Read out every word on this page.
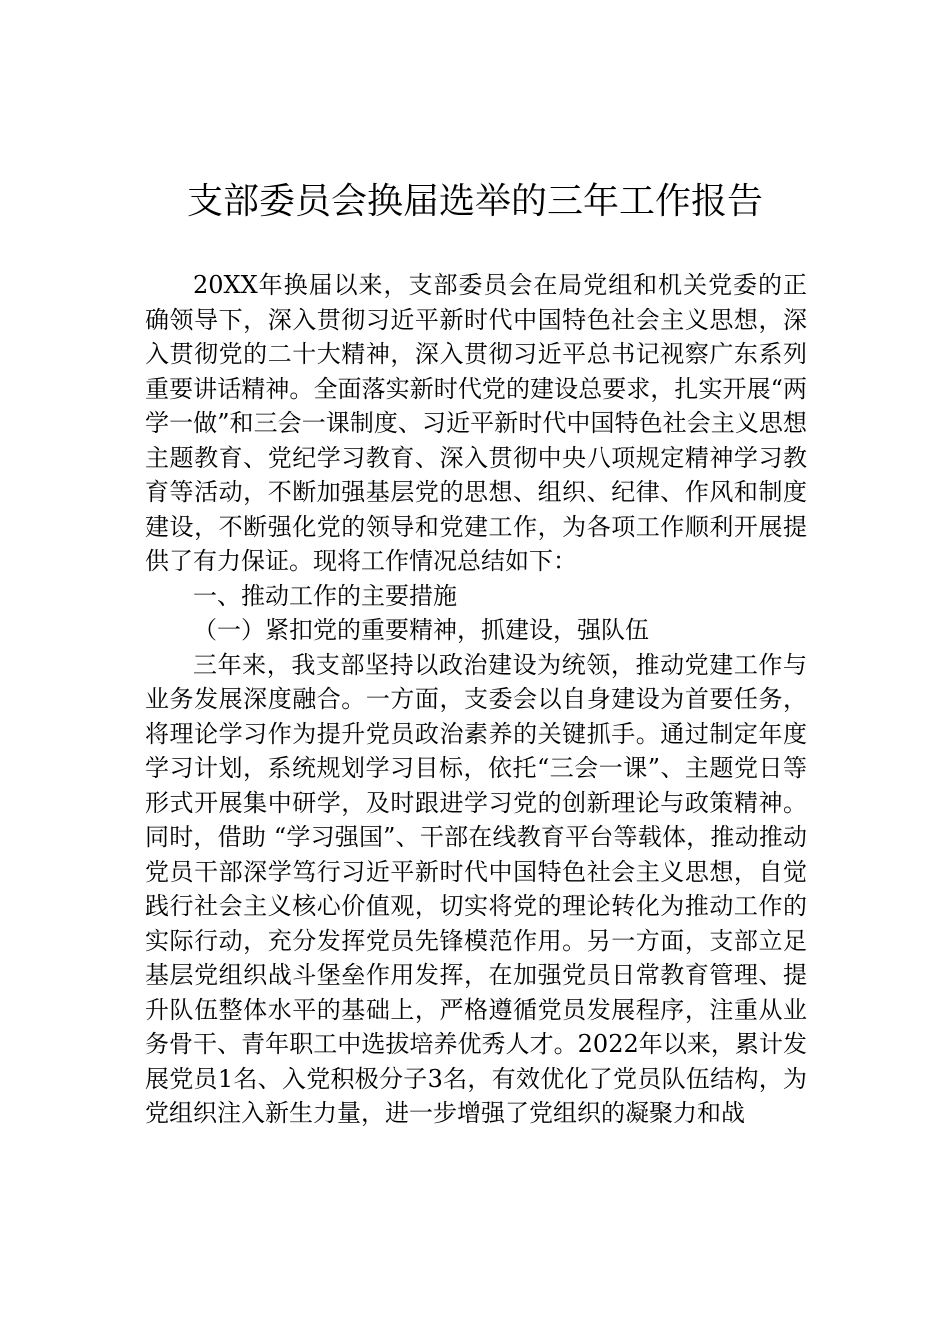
支部委员会换届选举的三年工作报告

20XX年换届以来，支部委员会在局党组和机关党委的正确领导下，深入贯彻习近平新时代中国特色社会主义思想，深入贯彻党的二十大精神，深入贯彻习近平总书记视察广东系列重要讲话精神。全面落实新时代党的建设总要求，扎实开展“两学一做”和三会一课制度、习近平新时代中国特色社会主义思想主题教育、党纪学习教育、深入贯彻中央八项规定精神学习教育等活动，不断加强基层党的思想、组织、纪律、作风和制度建设，不断强化党的领导和党建工作，为各项工作顺利开展提供了有力保证。现将工作情况总结如下：

一、推动工作的主要措施

（一）紧扣党的重要精神，抓建设，强队伍

三年来，我支部坚持以政治建设为统领，推动党建工作与业务发展深度融合。一方面，支委会以自身建设为首要任务，将理论学习作为提升党员政治素养的关键抓手。通过制定年度学习计划，系统规划学习目标，依托“三会一课”、主题党日等形式开展集中研学，及时跟进学习党的创新理论与政策精神。同时，借助 “学习强国”、干部在线教育平台等载体，推动推动党员干部深学笃行习近平新时代中国特色社会主义思想，自觉践行社会主义核心价值观，切实将党的理论转化为推动工作的实际行动，充分发挥党员先锋模范作用。另一方面，支部立足基层党组织战斗堡垒作用发挥，在加强党员日常教育管理、提升队伍整体水平的基础上，严格遵循党员发展程序，注重从业务骨干、青年职工中选拔培养优秀人才。2022年以来，累计发展党员1名、入党积极分子3名，有效优化了党员队伍结构，为党组织注入新生力量，进一步增强了党组织的凝聚力和战
